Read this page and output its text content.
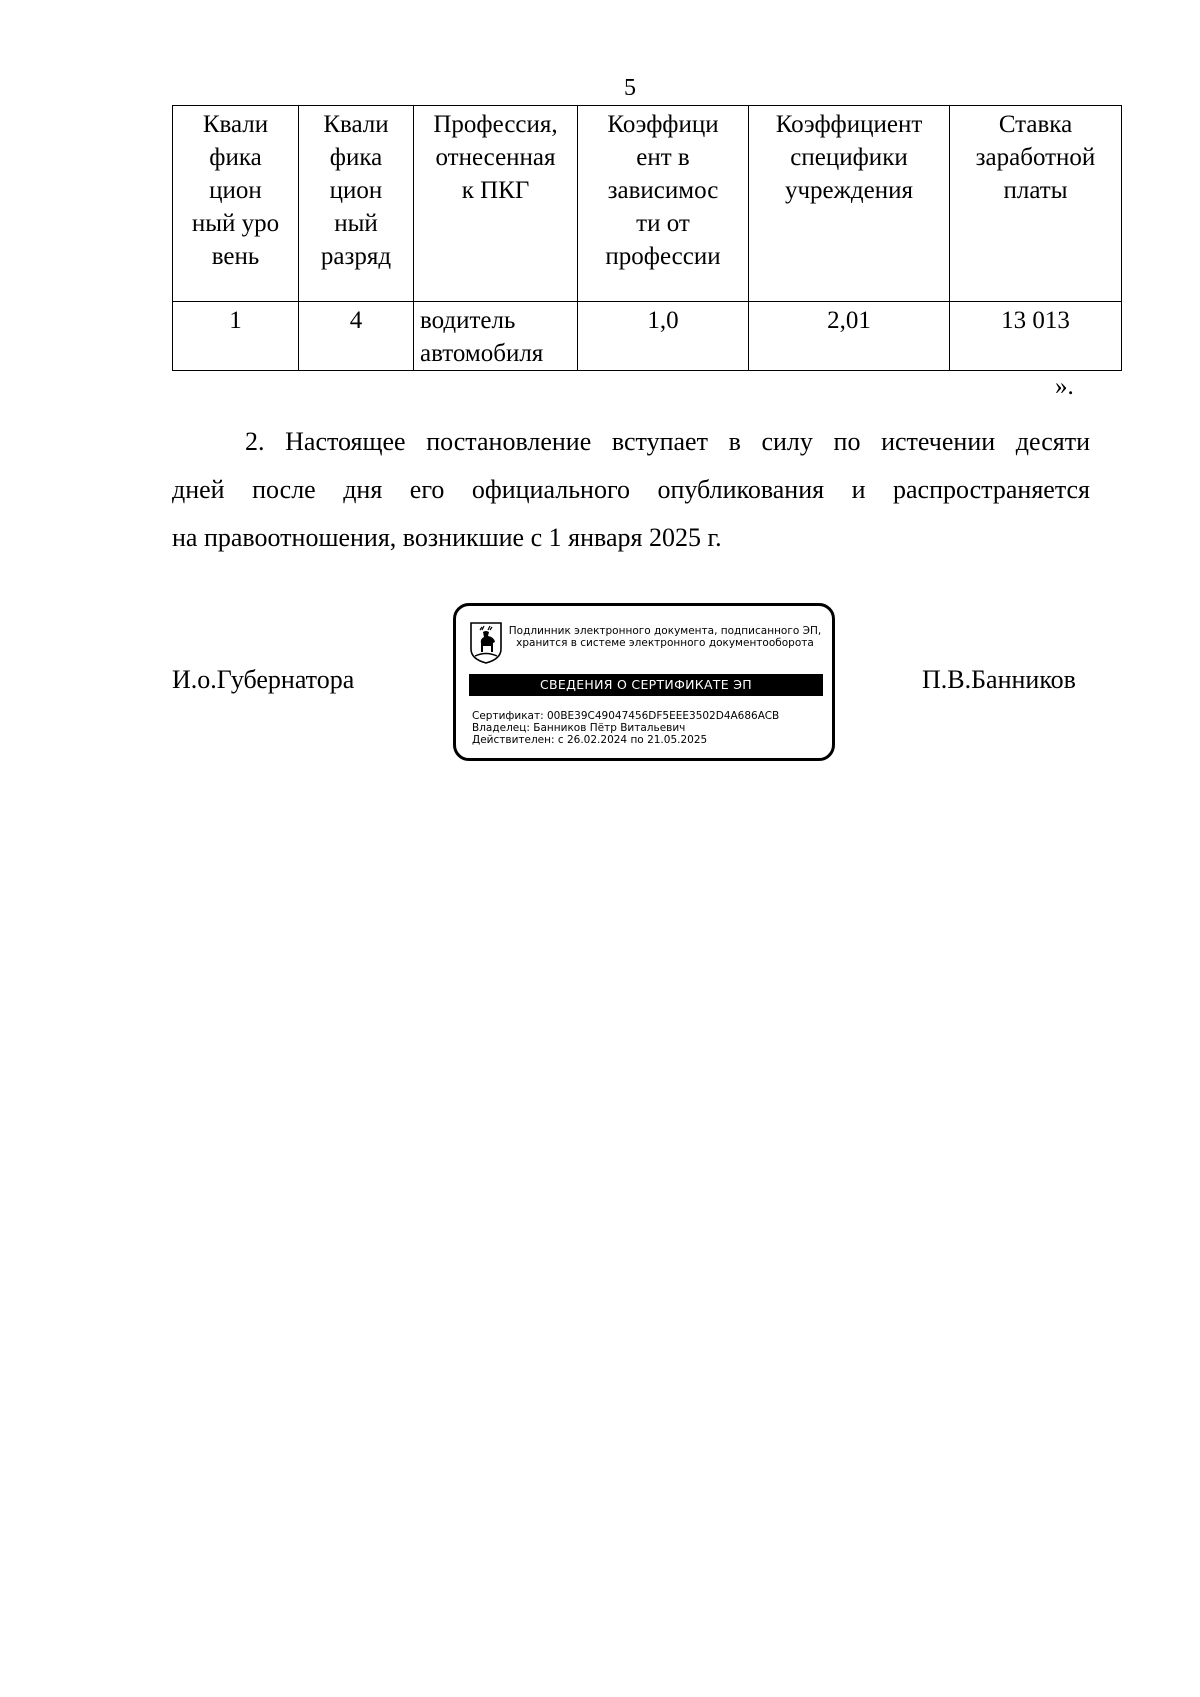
5
Квали
фика
цион
ный уро
вень	Квали
фика
цион
ный
разряд	Профессия,
отнесенная
к ПКГ	Коэффици
ент в
зависимос
ти от
профессии	Коэффициент
специфики
учреждения	Ставка
заработной
платы

1	4	водитель
автомобиля	1,0	2,01	13 013
».
2. Настоящее постановление вступает в силу по истечении десяти
дней после дня его официального опубликования и распространяется
на правоотношения, возникшие с 1 января 2025 г.
И.о.Губернатора	П.В.Банников
Подлинник электронного документа, подписанного ЭП,
хранится в системе электронного документооборота
СВЕДЕНИЯ О СЕРТИФИКАТЕ ЭП
Сертификат: 00BE39C49047456DF5EEE3502D4A686ACB
Владелец: Банников Пётр Витальевич
Действителен: с 26.02.2024 по 21.05.2025
